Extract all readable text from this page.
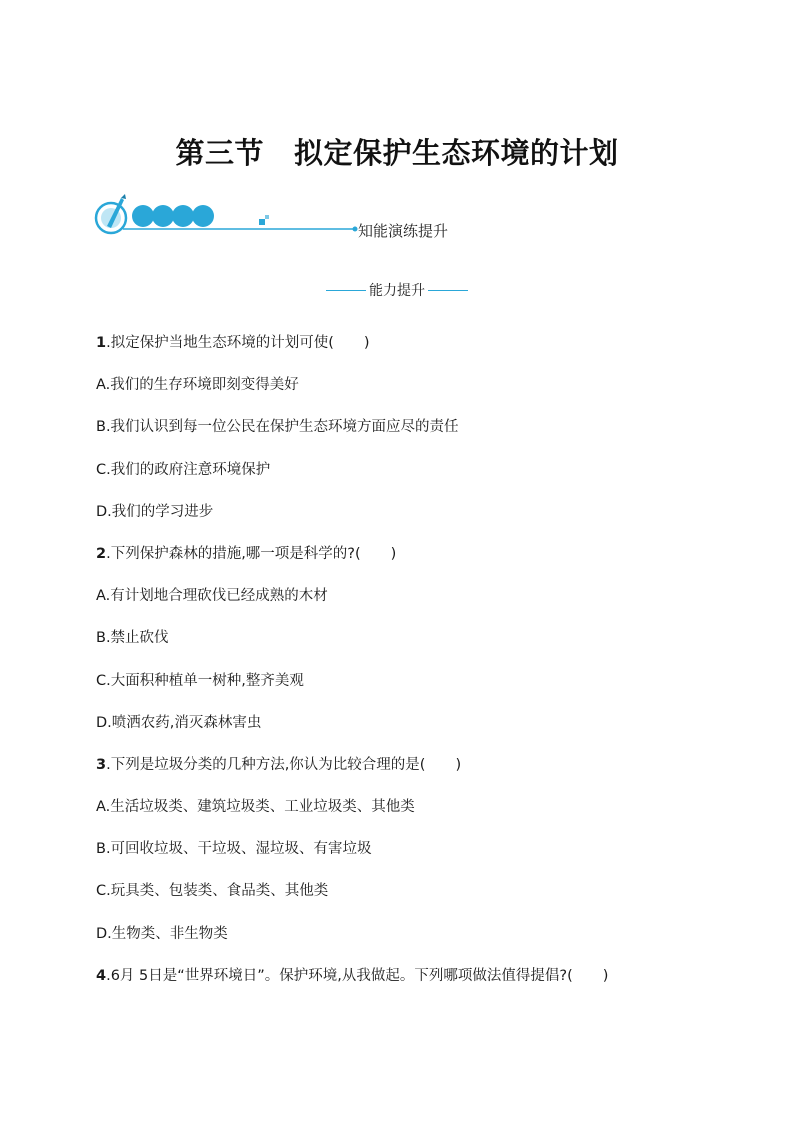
第三节 拟定保护生态环境的计划
知能演练提升
能力提升
1.拟定保护当地生态环境的计划可使( )
A.我们的生存环境即刻变得美好
B.我们认识到每一位公民在保护生态环境方面应尽的责任
C.我们的政府注意环境保护
D.我们的学习进步
2.下列保护森林的措施,哪一项是科学的?( )
A.有计划地合理砍伐已经成熟的木材
B.禁止砍伐
C.大面积种植单一树种,整齐美观
D.喷洒农药,消灭森林害虫
3.下列是垃圾分类的几种方法,你认为比较合理的是( )
A.生活垃圾类、建筑垃圾类、工业垃圾类、其他类
B.可回收垃圾、干垃圾、湿垃圾、有害垃圾
C.玩具类、包装类、食品类、其他类
D.生物类、非生物类
4.6月 5日是“世界环境日”。保护环境,从我做起。下列哪项做法值得提倡?( )
